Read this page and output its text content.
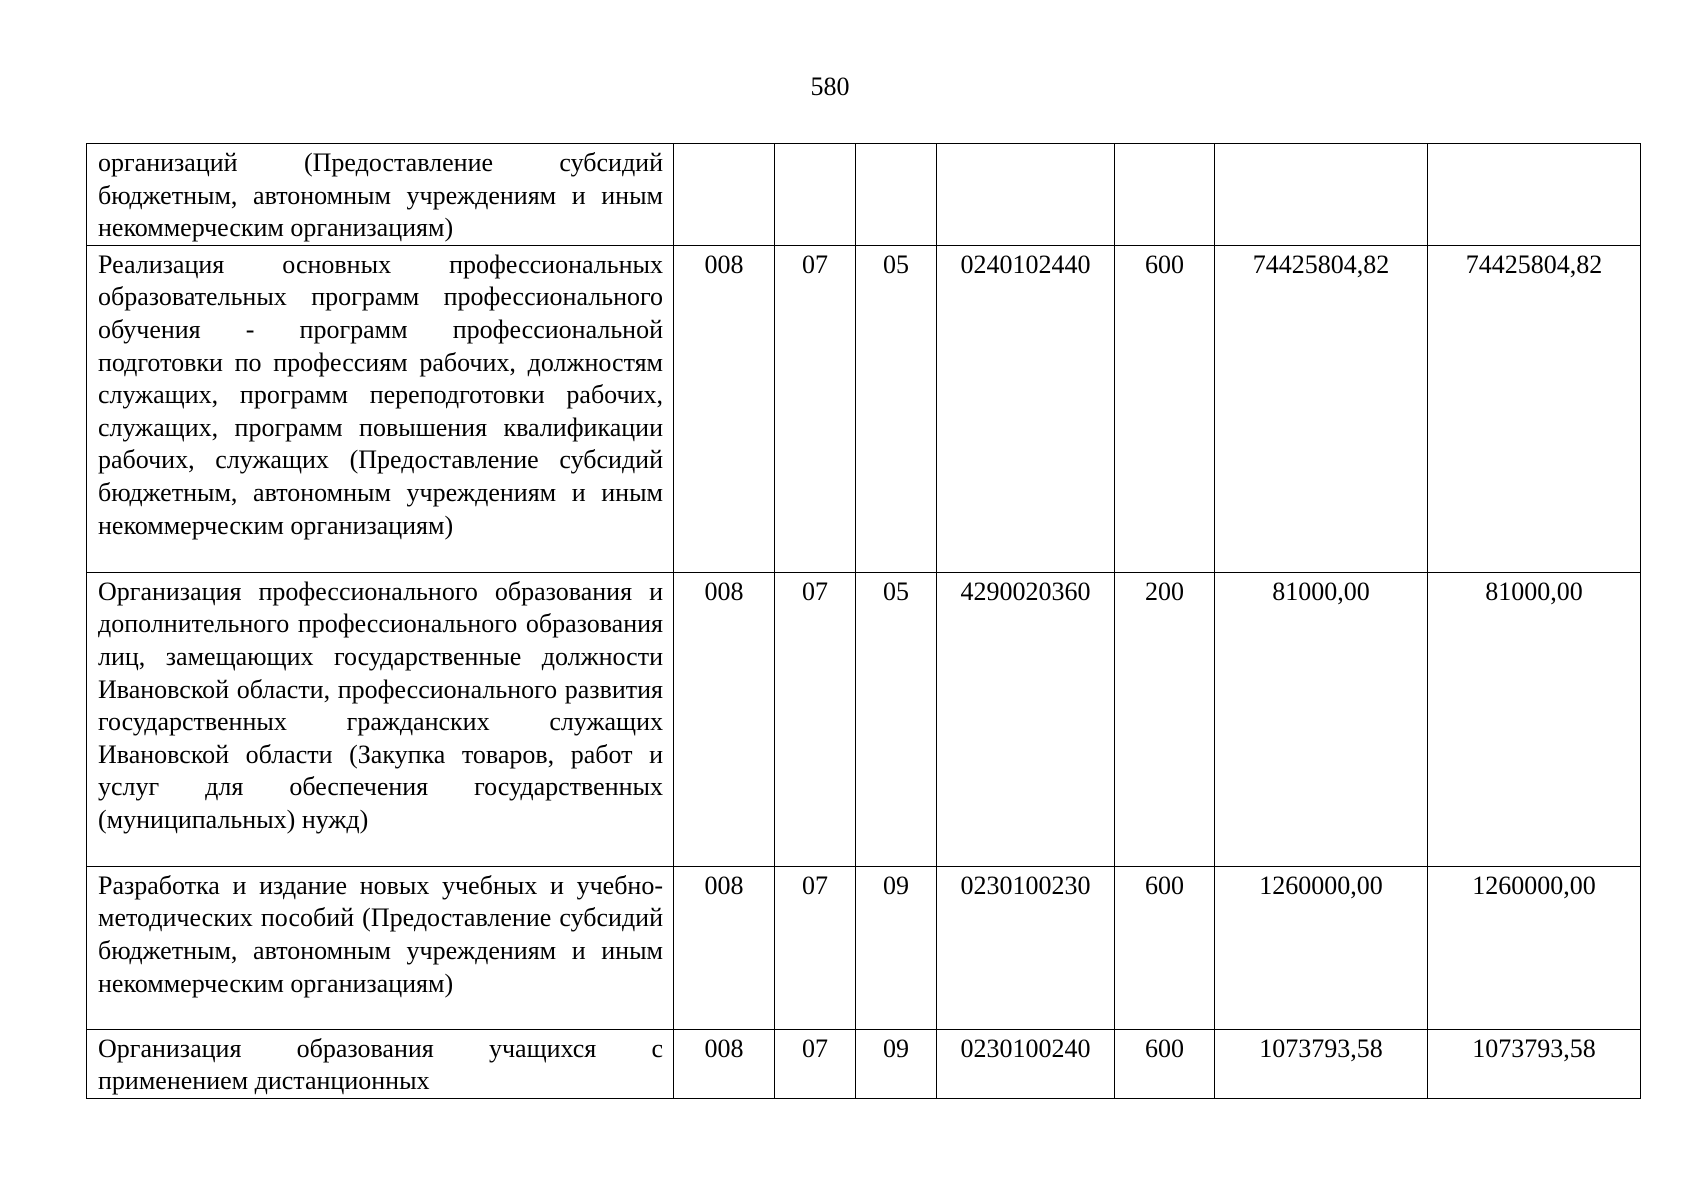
580
организаций (Предоставление субсидий бюджетным, автономным учреждениям и иным некоммерческим организациям)							
Реализация основных профессиональных образовательных программ профессионального обучения - программ профессиональной подготовки по профессиям рабочих, должностям служащих, программ переподготовки рабочих, служащих, программ повышения квалификации рабочих, служащих (Предоставление субсидий бюджетным, автономным учреждениям и иным некоммерческим организациям)	008	07	05	0240102440	600	74425804,82	74425804,82
Организация профессионального образования и дополнительного профессионального образования лиц, замещающих государственные должности Ивановской области, профессионального развития государственных гражданских служащих Ивановской области (Закупка товаров, работ и услуг для обеспечения государственных (муниципальных) нужд)	008	07	05	4290020360	200	81000,00	81000,00
Разработка и издание новых учебных и учебно-методических пособий (Предоставление субсидий бюджетным, автономным учреждениям и иным некоммерческим организациям)	008	07	09	0230100230	600	1260000,00	1260000,00
Организация образования учащихся с применением дистанционных	008	07	09	0230100240	600	1073793,58	1073793,58
